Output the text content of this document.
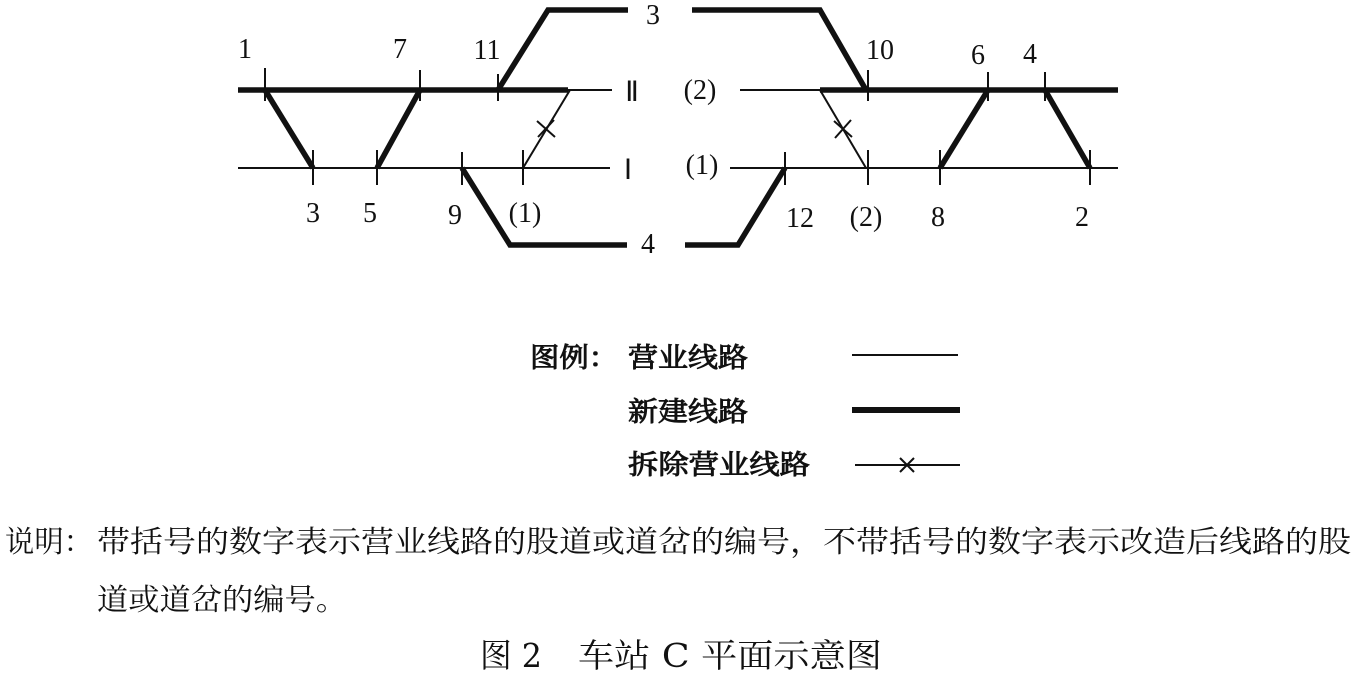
Ⅱ
Ⅰ
(2)
(1)
3
4
1	7 11
3 5	9 (1)
10	6 4
12 (2) 8	2
图例： 营业线路
新建线路
拆除营业线路
说明： 带括号的数字表示营业线路的股道或道岔的编号，不带括号的数字表示改造后线路的股
道或道岔的编号。
图 2 车站 C 平面示意图
